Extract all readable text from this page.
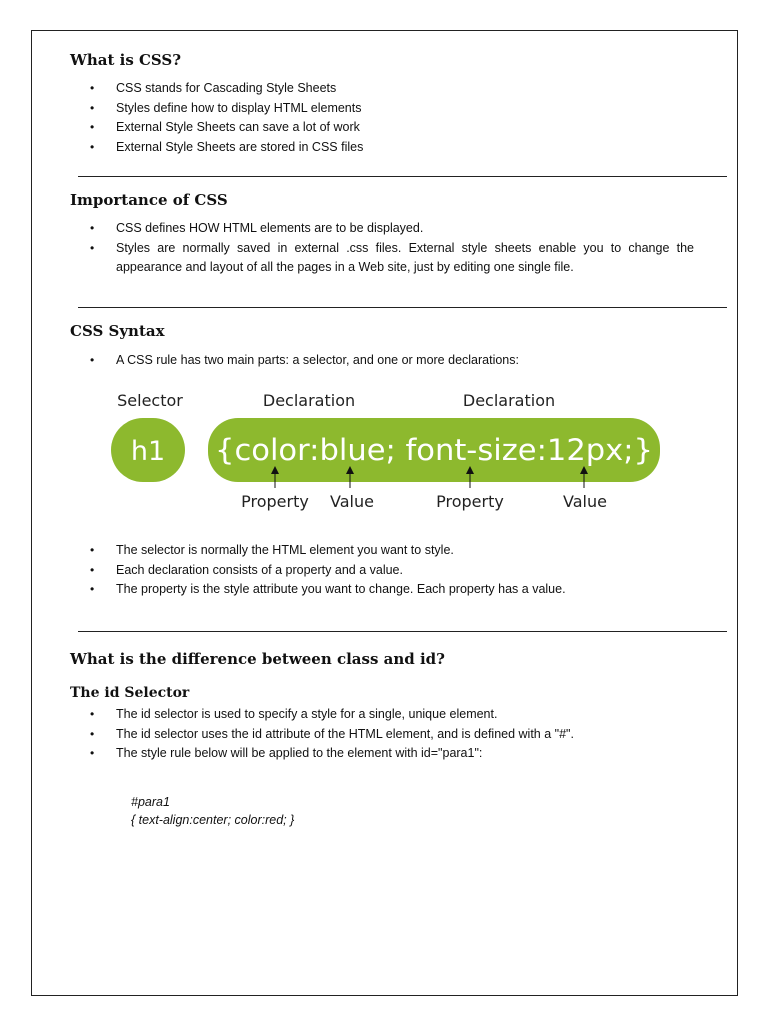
What is CSS?
• CSS stands for Cascading Style Sheets
• Styles define how to display HTML elements
• External Style Sheets can save a lot of work
• External Style Sheets are stored in CSS files
Importance of CSS
• CSS defines HOW HTML elements are to be displayed.
• Styles are normally saved in external .css files. External style sheets enable you to change the appearance and layout of all the pages in a Web site, just by editing one single file.
CSS Syntax
• A CSS rule has two main parts: a selector, and one or more declarations:
Selector	Declaration	Declaration
h1 {color:blue; font-size:12px;}
Property Value	Property	Value
• The selector is normally the HTML element you want to style.
• Each declaration consists of a property and a value.
• The property is the style attribute you want to change. Each property has a value.
What is the difference between class and id?
The id Selector
• The id selector is used to specify a style for a single, unique element.
• The id selector uses the id attribute of the HTML element, and is defined with a "#".
• The style rule below will be applied to the element with id="para1":
#para1
{ text-align:center; color:red; }
